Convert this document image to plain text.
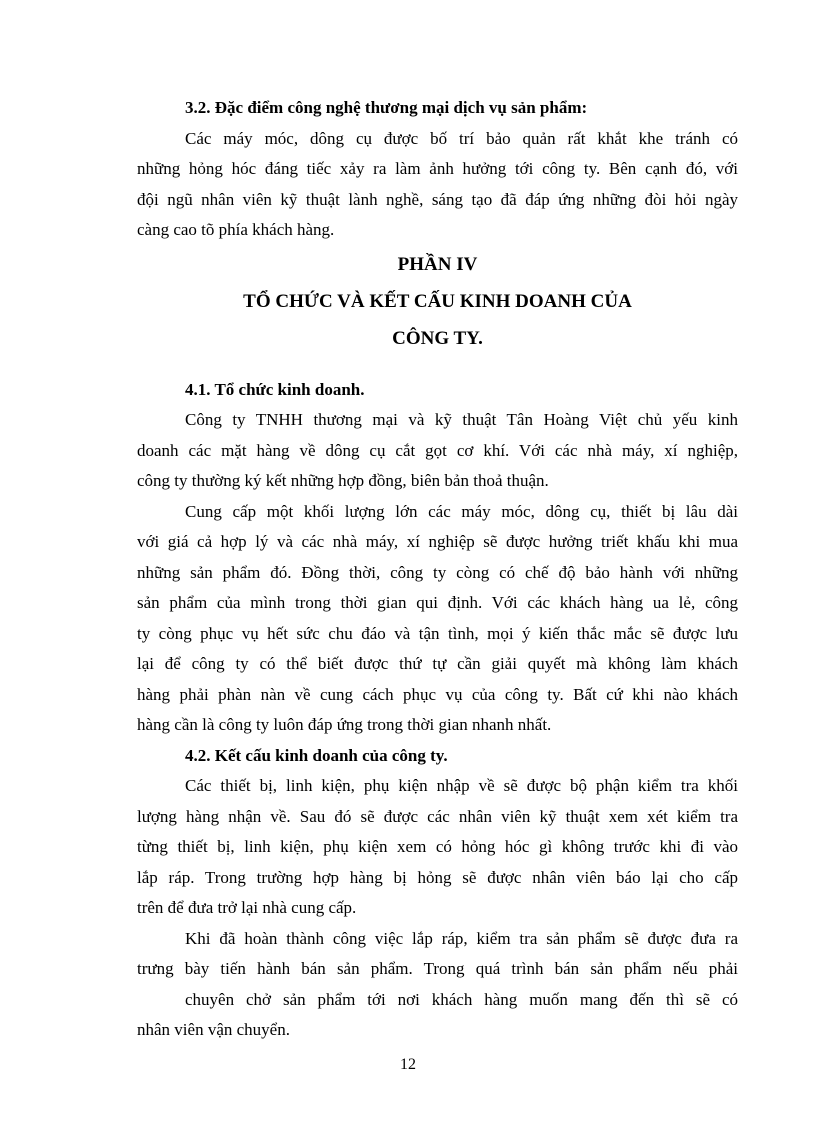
3.2. Đặc điểm công nghệ thương mại dịch vụ sản phẩm:
Các máy móc, dông cụ được bố trí bảo quản rất khắt khe tránh có
những hỏng hóc đáng tiếc xảy ra làm ảnh hưởng tới công ty. Bên cạnh đó, với
đội ngũ nhân viên kỹ thuật lành nghề, sáng tạo đã đáp ứng những đòi hỏi ngày
càng cao tõ phía khách hàng.
PHẦN IV
TỔ CHỨC VÀ KẾT CẤU KINH DOANH CỦA
CÔNG TY.
4.1. Tổ chức kinh doanh.
Công ty TNHH thương mại và kỹ thuật Tân Hoàng Việt chủ yếu kinh
doanh các mặt hàng về dông cụ cắt gọt cơ khí. Với các nhà máy, xí nghiệp,
công ty thường ký kết những hợp đồng, biên bản thoả thuận.
Cung cấp một khối lượng lớn các máy móc, dông cụ, thiết bị lâu dài
với giá cả hợp lý và các nhà máy, xí nghiệp sẽ được hưởng triết khấu khi mua
những sản phẩm đó. Đồng thời, công ty còng có chế độ bảo hành với những
sản phẩm của mình trong thời gian qui định. Với các khách hàng ua lẻ, công
ty còng phục vụ hết sức chu đáo và tận tình, mọi ý kiến thắc mắc sẽ được lưu
lại để công ty có thể biết được thứ tự cần giải quyết mà không làm khách
hàng phải phàn nàn về cung cách phục vụ của công ty. Bất cứ khi nào khách
hàng cần là công ty luôn đáp ứng trong thời gian nhanh nhất.
4.2. Kết cấu kinh doanh của công ty.
Các thiết bị, linh kiện, phụ kiện nhập về sẽ được bộ phận kiểm tra khối
lượng hàng nhận về. Sau đó sẽ được các nhân viên kỹ thuật xem xét kiểm tra
từng thiết bị, linh kiện, phụ kiện xem có hỏng hóc gì không trước khi đi vào
lắp ráp. Trong trường hợp hàng bị hỏng sẽ được nhân viên báo lại cho cấp
trên để đưa trở lại nhà cung cấp.
Khi đã hoàn thành công việc lắp ráp, kiểm tra sản phẩm sẽ được đưa ra
trưng bày tiến hành bán sản phẩm. Trong quá trình bán sản phẩm nếu phải
chuyên chở sản phẩm tới nơi khách hàng muốn mang đến thì sẽ có
nhân viên vận chuyển.
12
